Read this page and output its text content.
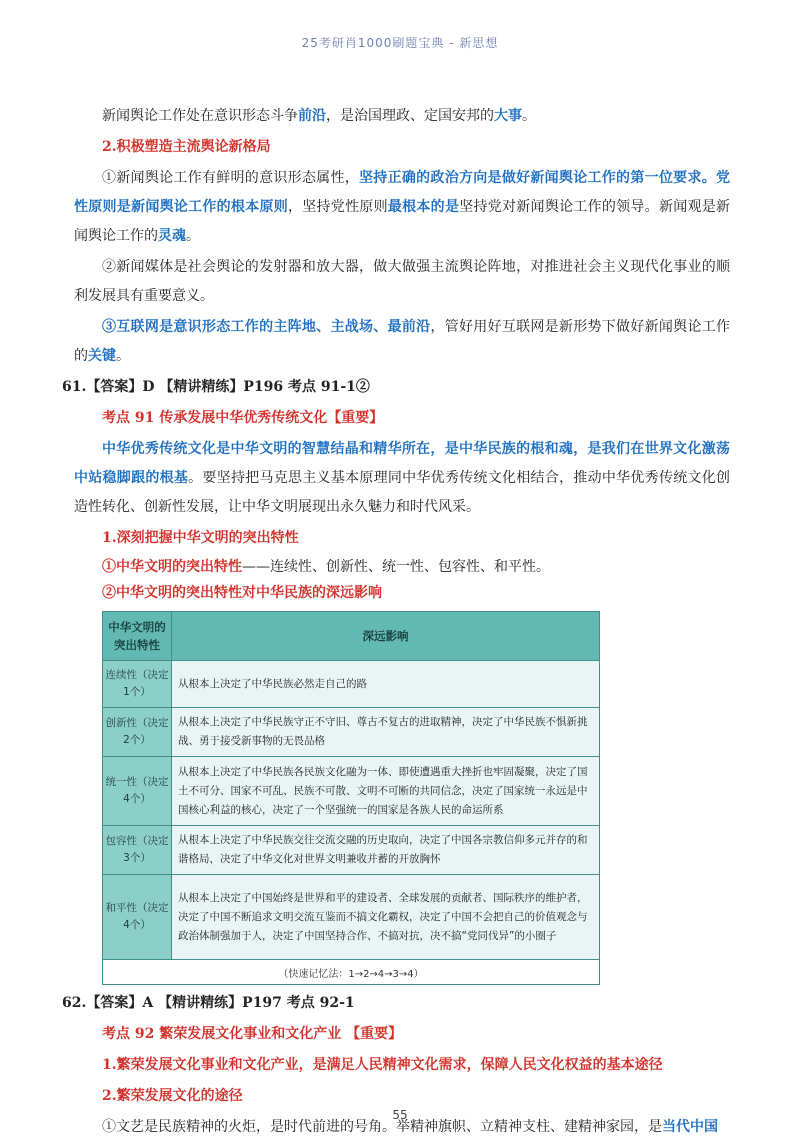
25考研肖1000刷题宝典 - 新思想

新闻舆论工作处在意识形态斗争前沿，是治国理政、定国安邦的大事。

2.积极塑造主流舆论新格局

①新闻舆论工作有鲜明的意识形态属性，坚持正确的政治方向是做好新闻舆论工作的第一位要求。党性原则是新闻舆论工作的根本原则，坚持党性原则最根本的是坚持党对新闻舆论工作的领导。新闻观是新闻舆论工作的灵魂。

②新闻媒体是社会舆论的发射器和放大器，做大做强主流舆论阵地，对推进社会主义现代化事业的顺利发展具有重要意义。

③互联网是意识形态工作的主阵地、主战场、最前沿，管好用好互联网是新形势下做好新闻舆论工作的关键。

61.【答案】D 【精讲精练】P196 考点 91-1②

考点 91 传承发展中华优秀传统文化【重要】

中华优秀传统文化是中华文明的智慧结晶和精华所在，是中华民族的根和魂，是我们在世界文化激荡中站稳脚跟的根基。要坚持把马克思主义基本原理同中华优秀传统文化相结合，推动中华优秀传统文化创造性转化、创新性发展，让中华文明展现出永久魅力和时代风采。

1.深刻把握中华文明的突出特性

①中华文明的突出特性——连续性、创新性、统一性、包容性、和平性。

②中华文明的突出特性对中华民族的深远影响

中华文明的突出特性	深远影响
连续性（决定1个）	从根本上决定了中华民族必然走自己的路
创新性（决定2个）	从根本上决定了中华民族守正不守旧、尊古不复古的进取精神，决定了中华民族不惧新挑战、勇于接受新事物的无畏品格
统一性（决定4个）	从根本上决定了中华民族各民族文化融为一体、即使遭遇重大挫折也牢固凝聚，决定了国土不可分、国家不可乱、民族不可散、文明不可断的共同信念，决定了国家统一永远是中国核心利益的核心，决定了一个坚强统一的国家是各族人民的命运所系
包容性（决定3个）	从根本上决定了中华民族交往交流交融的历史取向，决定了中国各宗教信仰多元并存的和谐格局，决定了中华文化对世界文明兼收并蓄的开放胸怀
和平性（决定4个）	从根本上决定了中国始终是世界和平的建设者、全球发展的贡献者、国际秩序的维护者，决定了中国不断追求文明交流互鉴而不搞文化霸权，决定了中国不会把自己的价值观念与政治体制强加于人，决定了中国坚持合作、不搞对抗，决不搞“党同伐异”的小圈子
（快速记忆法：1→2→4→3→4）	

62.【答案】A 【精讲精练】P197 考点 92-1

考点 92 繁荣发展文化事业和文化产业 【重要】

1.繁荣发展文化事业和文化产业，是满足人民精神文化需求，保障人民文化权益的基本途径

2.繁荣发展文化的途径

①文艺是民族精神的火炬，是时代前进的号角。举精神旗帜、立精神支柱、建精神家园，是当代中国

55
